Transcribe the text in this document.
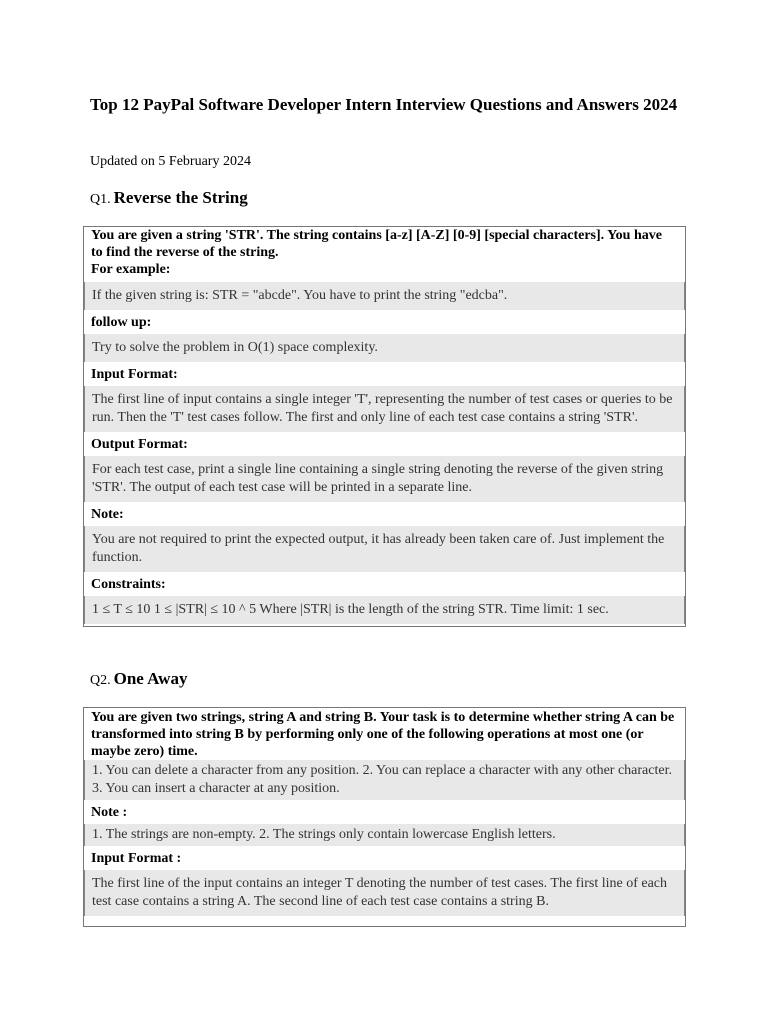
Top 12 PayPal Software Developer Intern Interview Questions and Answers 2024
Updated on 5 February 2024
Q1. Reverse the String
You are given a string 'STR'. The string contains [a-z] [A-Z] [0-9] [special characters]. You have to find the reverse of the string.
For example:
If the given string is: STR = "abcde". You have to print the string "edcba".
follow up:
Try to solve the problem in O(1) space complexity.
Input Format:
The first line of input contains a single integer 'T', representing the number of test cases or queries to be run. Then the 'T' test cases follow. The first and only line of each test case contains a string 'STR'.
Output Format:
For each test case, print a single line containing a single string denoting the reverse of the given string 'STR'. The output of each test case will be printed in a separate line.
Note:
You are not required to print the expected output, it has already been taken care of. Just implement the function.
Constraints:
1 ≤ T ≤ 10 1 ≤ |STR| ≤ 10 ^ 5 Where |STR| is the length of the string STR. Time limit: 1 sec.
Q2. One Away
You are given two strings, string A and string B. Your task is to determine whether string A can be transformed into string B by performing only one of the following operations at most one (or maybe zero) time.
1. You can delete a character from any position. 2. You can replace a character with any other character. 3. You can insert a character at any position.
Note :
1. The strings are non-empty. 2. The strings only contain lowercase English letters.
Input Format :
The first line of the input contains an integer T denoting the number of test cases. The first line of each test case contains a string A. The second line of each test case contains a string B.
